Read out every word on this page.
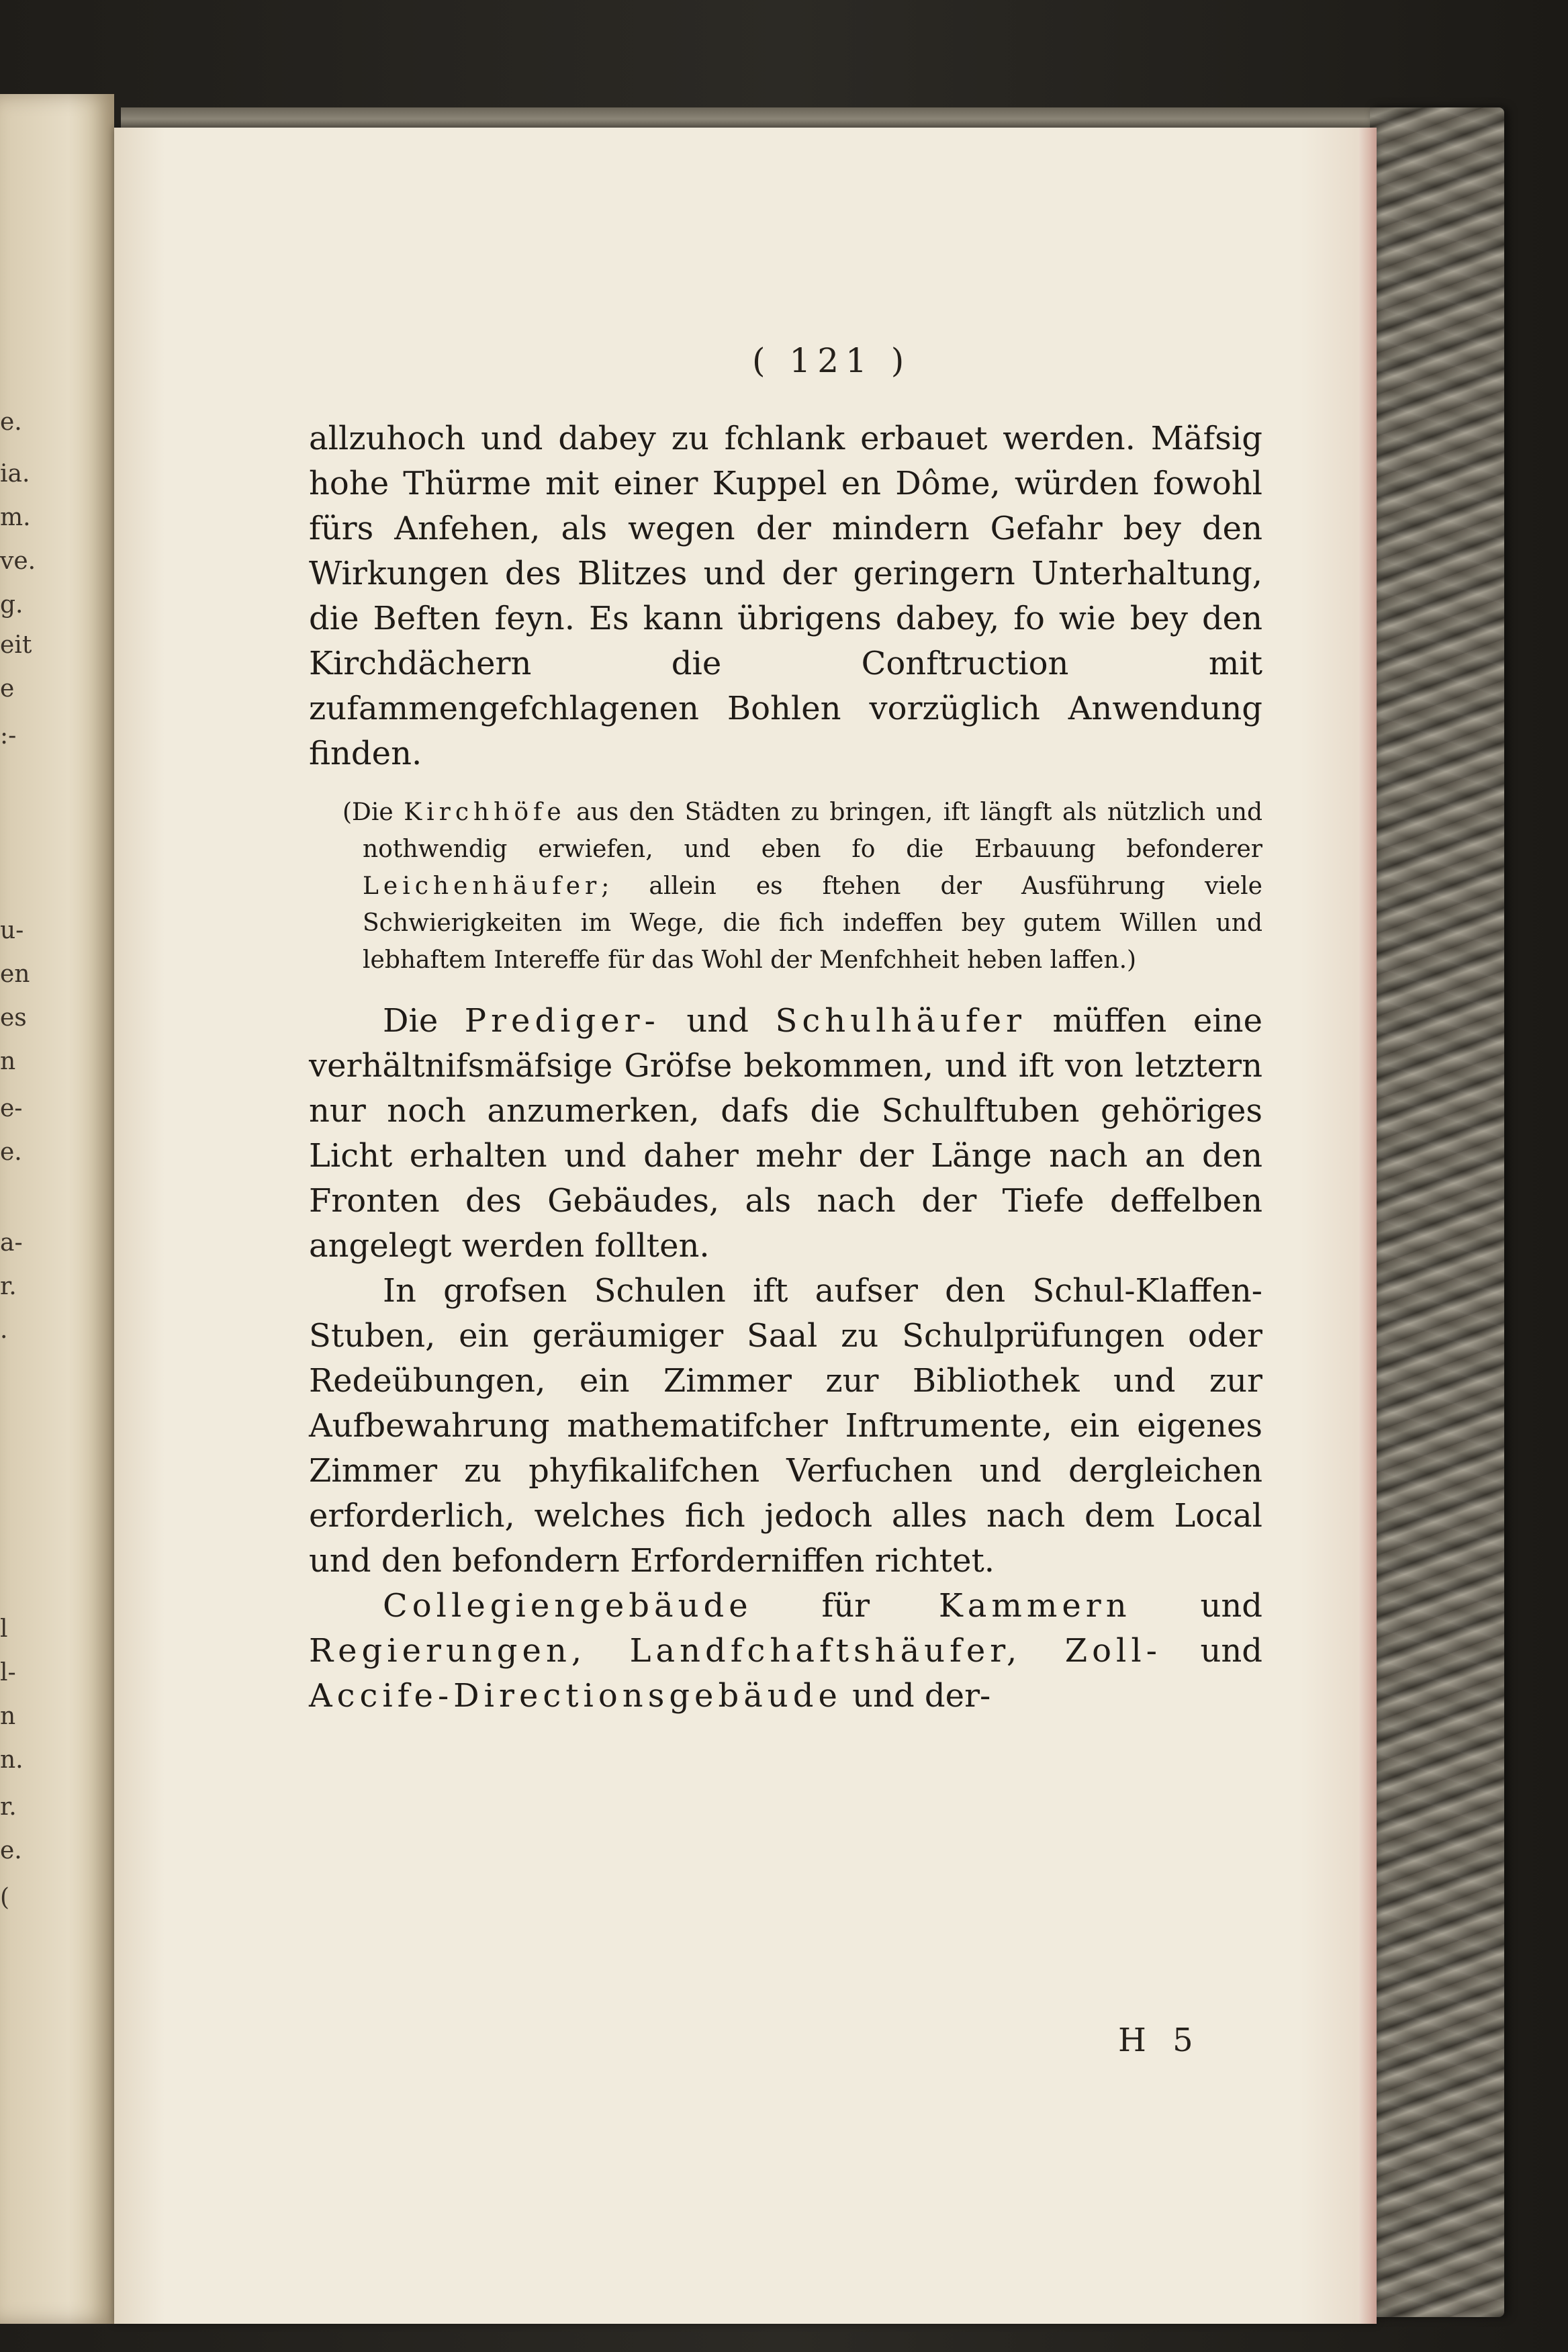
e.
ia.
m.
ve.
g.
eit
e
:-
u-
en
es
n
e-
e.
a-
r.
.
l
l-
n
n.
r.
e.
(
( 121 )

allzuhoch und dabey zu fchlank erbauet werden. Mäfsig hohe Thürme mit einer Kuppel en Dôme, würden fowohl fürs Anfehen, als wegen der mindern Gefahr bey den Wirkungen des Blitzes und der geringern Unterhaltung, die Beften feyn. Es kann übrigens dabey, fo wie bey den Kirchdächern die Conftruction mit zufammengefchlagenen Bohlen vorzüglich Anwendung finden.

(Die Kirchhöfe aus den Städten zu bringen, ift längft als nützlich und nothwendig erwiefen, und eben fo die Erbauung befonderer Leichenhäufer; allein es ftehen der Ausführung viele Schwierigkeiten im Wege, die fich indeffen bey gutem Willen und lebhaftem Intereffe für das Wohl der Menfchheit heben laffen.)

Die Prediger- und Schulhäufer müffen eine verhältnifsmäfsige Gröfse bekommen, und ift von letztern nur noch anzumerken, dafs die Schulftuben gehöriges Licht erhalten und daher mehr der Länge nach an den Fronten des Gebäudes, als nach der Tiefe deffelben angelegt werden follten.

In grofsen Schulen ift aufser den Schul-Klaffen-Stuben, ein geräumiger Saal zu Schulprüfungen oder Redeübungen, ein Zimmer zur Bibliothek und zur Aufbewahrung mathematifcher Inftrumente, ein eigenes Zimmer zu phyfikalifchen Verfuchen und dergleichen erforderlich, welches fich jedoch alles nach dem Local und den befondern Erforderniffen richtet.

Collegiengebäude für Kammern und Regierungen, Landfchaftshäufer, Zoll- und Accife-Directionsgebäude und der-

H 5
